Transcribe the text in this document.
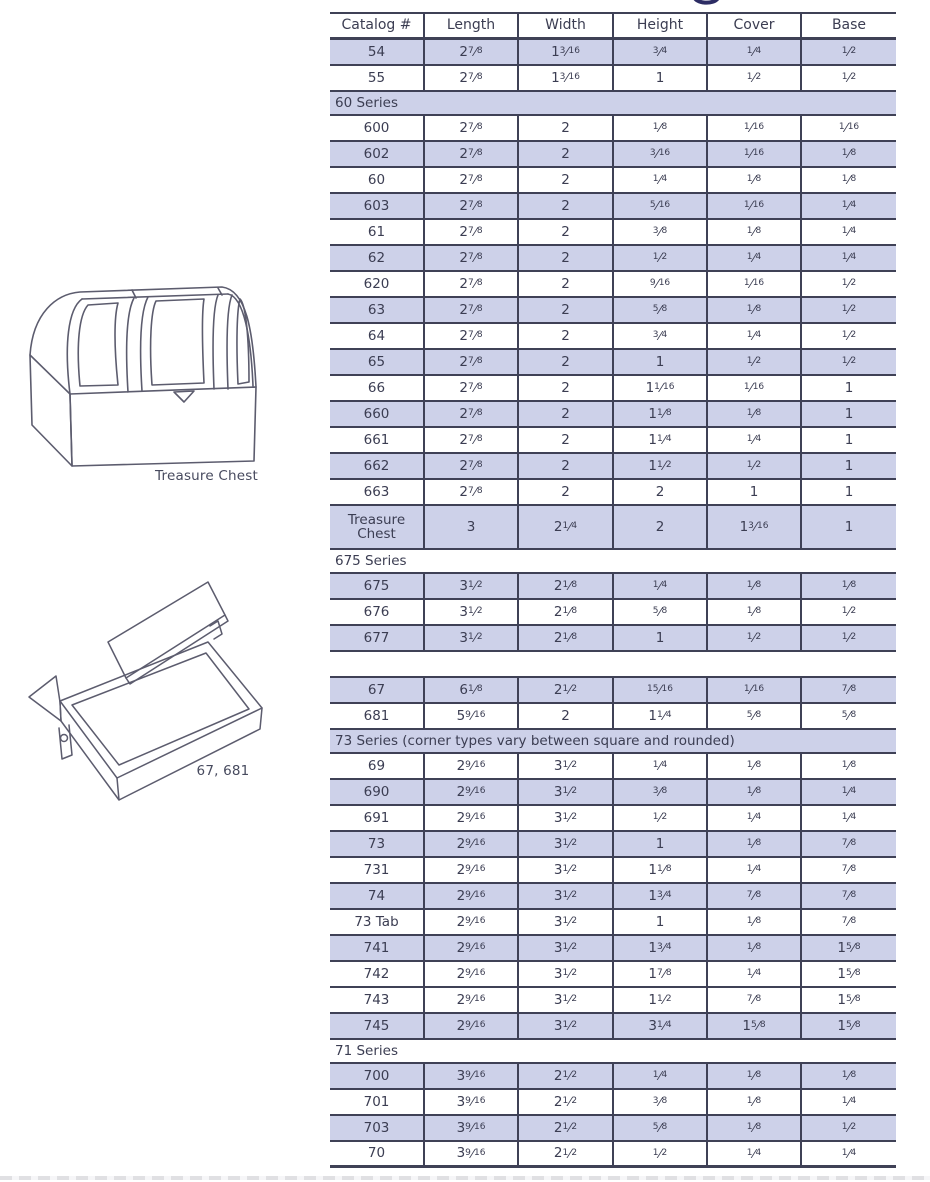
Treasure Chest
67, 681
Catalog #	Length	Width	Height	Cover	Base
54	2 7 ⁄ 8	1 3 ⁄ 16	3 ⁄ 4	1 ⁄ 4	1 ⁄ 2
55	2 7 ⁄ 8	1 3 ⁄ 16	1	1 ⁄ 2	1 ⁄ 2
60 Series
600	2 7 ⁄ 8	2	1 ⁄ 8	1 ⁄ 16	1 ⁄ 16
602	2 7 ⁄ 8	2	3 ⁄ 16	1 ⁄ 16	1 ⁄ 8
60	2 7 ⁄ 8	2	1 ⁄ 4	1 ⁄ 8	1 ⁄ 8
603	2 7 ⁄ 8	2	5 ⁄ 16	1 ⁄ 16	1 ⁄ 4
61	2 7 ⁄ 8	2	3 ⁄ 8	1 ⁄ 8	1 ⁄ 4
62	2 7 ⁄ 8	2	1 ⁄ 2	1 ⁄ 4	1 ⁄ 4
620	2 7 ⁄ 8	2	9 ⁄ 16	1 ⁄ 16	1 ⁄ 2
63	2 7 ⁄ 8	2	5 ⁄ 8	1 ⁄ 8	1 ⁄ 2
64	2 7 ⁄ 8	2	3 ⁄ 4	1 ⁄ 4	1 ⁄ 2
65	2 7 ⁄ 8	2	1	1 ⁄ 2	1 ⁄ 2
66	2 7 ⁄ 8	2	1 1 ⁄ 16	1 ⁄ 16	1
660	2 7 ⁄ 8	2	1 1 ⁄ 8	1 ⁄ 8	1
661	2 7 ⁄ 8	2	1 1 ⁄ 4	1 ⁄ 4	1
662	2 7 ⁄ 8	2	1 1 ⁄ 2	1 ⁄ 2	1
663	2 7 ⁄ 8	2	2	1	1
Treasure Chest	3	2 1 ⁄ 4	2	1 3 ⁄ 16	1
675 Series
675	3 1 ⁄ 2	2 1 ⁄ 8	1 ⁄ 4	1 ⁄ 8	1 ⁄ 8
676	3 1 ⁄ 2	2 1 ⁄ 8	5 ⁄ 8	1 ⁄ 8	1 ⁄ 2
677	3 1 ⁄ 2	2 1 ⁄ 8	1	1 ⁄ 2	1 ⁄ 2
67	6 1 ⁄ 8	2 1 ⁄ 2	15 ⁄ 16	1 ⁄ 16	7 ⁄ 8
681	5 9 ⁄ 16	2	1 1 ⁄ 4	5 ⁄ 8	5 ⁄ 8
73 Series (corner types vary between square and rounded)
69	2 9 ⁄ 16	3 1 ⁄ 2	1 ⁄ 4	1 ⁄ 8	1 ⁄ 8
690	2 9 ⁄ 16	3 1 ⁄ 2	3 ⁄ 8	1 ⁄ 8	1 ⁄ 4
691	2 9 ⁄ 16	3 1 ⁄ 2	1 ⁄ 2	1 ⁄ 4	1 ⁄ 4
73	2 9 ⁄ 16	3 1 ⁄ 2	1	1 ⁄ 8	7 ⁄ 8
731	2 9 ⁄ 16	3 1 ⁄ 2	1 1 ⁄ 8	1 ⁄ 4	7 ⁄ 8
74	2 9 ⁄ 16	3 1 ⁄ 2	1 3 ⁄ 4	7 ⁄ 8	7 ⁄ 8
73 Tab	2 9 ⁄ 16	3 1 ⁄ 2	1	1 ⁄ 8	7 ⁄ 8
741	2 9 ⁄ 16	3 1 ⁄ 2	1 3 ⁄ 4	1 ⁄ 8	1 5 ⁄ 8
742	2 9 ⁄ 16	3 1 ⁄ 2	1 7 ⁄ 8	1 ⁄ 4	1 5 ⁄ 8
743	2 9 ⁄ 16	3 1 ⁄ 2	1 1 ⁄ 2	7 ⁄ 8	1 5 ⁄ 8
745	2 9 ⁄ 16	3 1 ⁄ 2	3 1 ⁄ 4	1 5 ⁄ 8	1 5 ⁄ 8
71 Series
700	3 9 ⁄ 16	2 1 ⁄ 2	1 ⁄ 4	1 ⁄ 8	1 ⁄ 8
701	3 9 ⁄ 16	2 1 ⁄ 2	3 ⁄ 8	1 ⁄ 8	1 ⁄ 4
703	3 9 ⁄ 16	2 1 ⁄ 2	5 ⁄ 8	1 ⁄ 8	1 ⁄ 2
70	3 9 ⁄ 16	2 1 ⁄ 2	1 ⁄ 2	1 ⁄ 4	1 ⁄ 4
